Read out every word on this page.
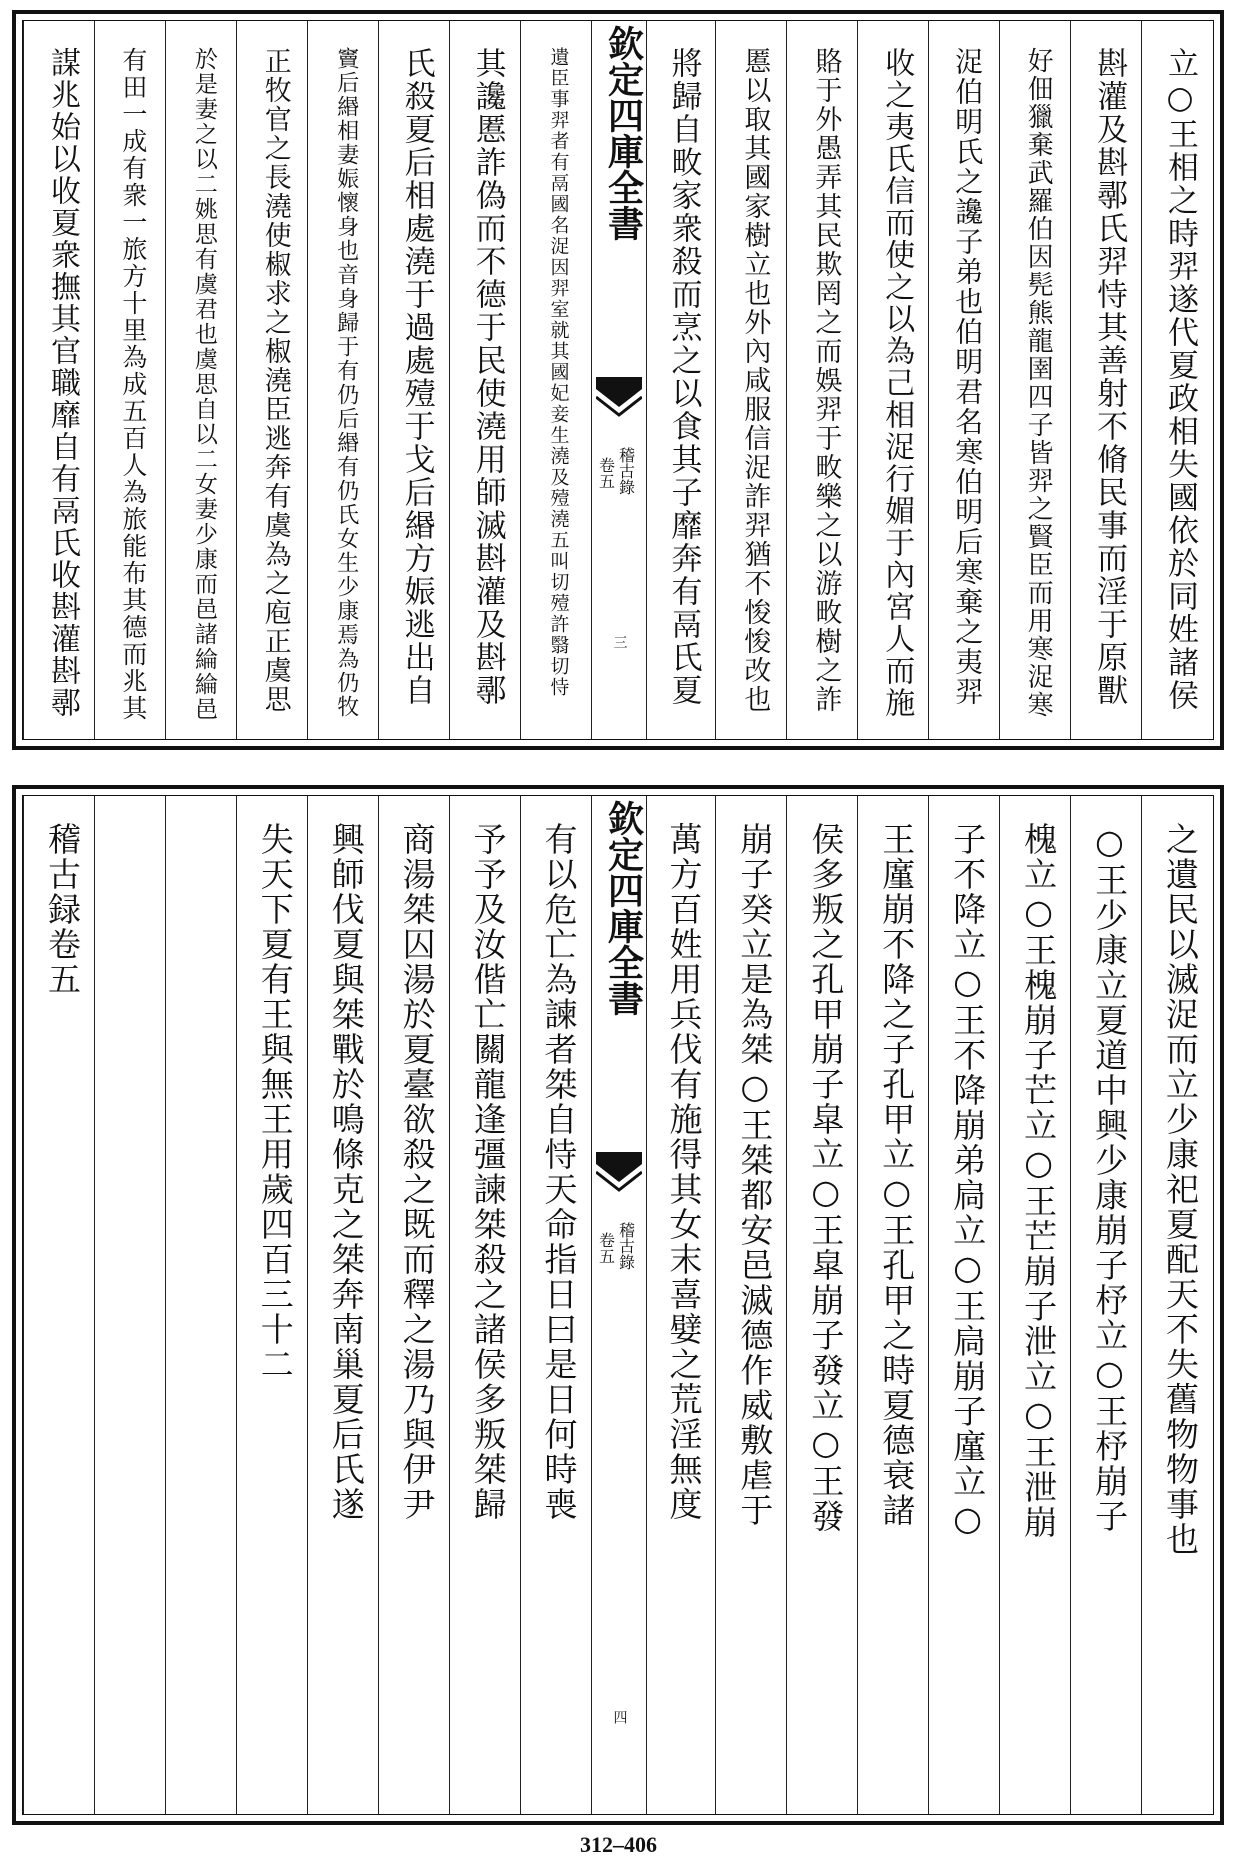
立○王相之時羿遂代夏政相失國依於同姓諸侯
斟灌及斟鄩氏羿恃其善射不脩民事而淫于原獸
好佃獵棄武羅伯因髡熊龍圉四子皆羿之賢臣而用寒浞寒
浞伯明氏之讒子弟也伯明君名寒伯明后寒棄之夷羿
收之夷氏信而使之以為己相浞行媚于內宮人而施
賂于外愚弄其民欺罔之而娛羿于畋樂之以游畋樹之詐
慝以取其國家樹立也外內咸服信浞詐羿猶不悛悛改也
將歸自畋家衆殺而烹之以食其子靡奔有鬲氏夏
欽定四庫全書
稽古錄
卷五
三
遺臣事羿者有鬲國名浞因羿室就其國妃妾生澆及殪澆五叫切殪許翳切恃
其讒慝詐偽而不德于民使澆用師滅斟灌及斟鄩
氏殺夏后相處澆于過處殪于戈后緡方娠逃出自
竇后緡相妻娠懷身也音身歸于有仍后緡有仍氏女生少康焉為仍牧
正牧官之長澆使椒求之椒澆臣逃奔有虞為之庖正虞思
於是妻之以二姚思有虞君也虞思自以二女妻少康而邑諸綸綸邑
有田一成有衆一旅方十里為成五百人為旅能布其德而兆其
謀兆始以收夏衆撫其官職靡自有鬲氏收斟灌斟鄩
之遺民以滅浞而立少康祀夏配天不失舊物物事也
○王少康立夏道中興少康崩子杼立○王杼崩子
槐立○王槐崩子芒立○王芒崩子泄立○王泄崩
子不降立○王不降崩弟扃立○王扃崩子廑立○
王廑崩不降之子孔甲立○王孔甲之時夏德衰諸
侯多叛之孔甲崩子皐立○王皐崩子發立○王發
崩子癸立是為桀○王桀都安邑滅德作威敷虐于
萬方百姓用兵伐有施得其女末喜嬖之荒淫無度
欽定四庫全書
稽古錄
卷五
四
有以危亡為諫者桀自恃天命指日曰是日何時喪
予予及汝偕亡關龍逢彊諫桀殺之諸侯多叛桀歸
商湯桀囚湯於夏臺欲殺之既而釋之湯乃與伊尹
興師伐夏與桀戰於鳴條克之桀奔南巢夏后氏遂
失天下夏有王與無王用歲四百三十二
稽古録卷五
312–406
